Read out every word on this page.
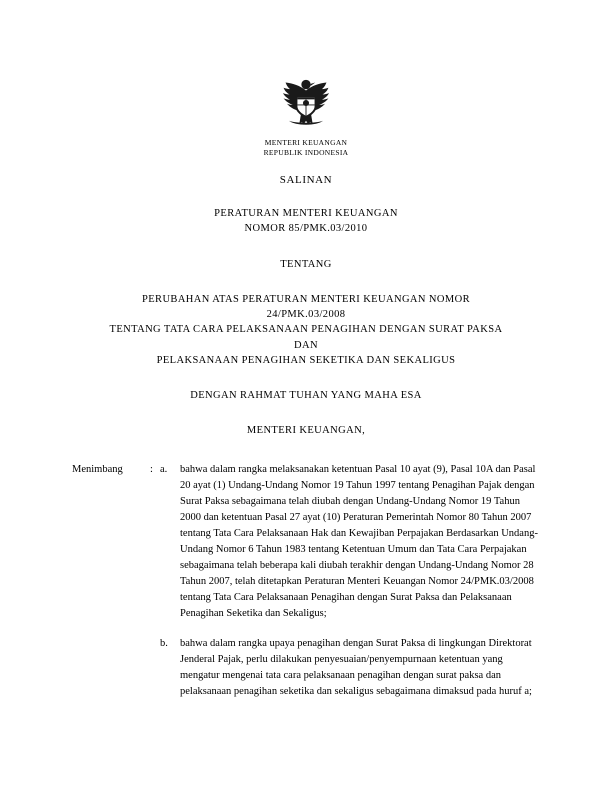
MENTERI KEUANGAN
REPUBLIK INDONESIA
SALINAN
PERATURAN MENTERI KEUANGAN
NOMOR 85/PMK.03/2010
TENTANG
PERUBAHAN ATAS PERATURAN MENTERI KEUANGAN NOMOR
24/PMK.03/2008
TENTANG TATA CARA PELAKSANAAN PENAGIHAN DENGAN SURAT PAKSA
DAN
PELAKSANAAN PENAGIHAN SEKETIKA DAN SEKALIGUS
DENGAN RAHMAT TUHAN YANG MAHA ESA
MENTERI KEUANGAN,
Menimbang	: a.	bahwa dalam rangka melaksanakan ketentuan Pasal 10 ayat (9), Pasal 10A dan Pasal 20 ayat (1) Undang-Undang Nomor 19 Tahun 1997 tentang Penagihan Pajak dengan Surat Paksa sebagaimana telah diubah dengan Undang-Undang Nomor 19 Tahun 2000 dan ketentuan Pasal 27 ayat (10) Peraturan Pemerintah Nomor 80 Tahun 2007 tentang Tata Cara Pelaksanaan Hak dan Kewajiban Perpajakan Berdasarkan Undang-Undang Nomor 6 Tahun 1983 tentang Ketentuan Umum dan Tata Cara Perpajakan sebagaimana telah beberapa kali diubah terakhir dengan Undang-Undang Nomor 28 Tahun 2007, telah ditetapkan Peraturan Menteri Keuangan Nomor 24/PMK.03/2008 tentang Tata Cara Pelaksanaan Penagihan dengan Surat Paksa dan Pelaksanaan Penagihan Seketika dan Sekaligus;
b.	bahwa dalam rangka upaya penagihan dengan Surat Paksa di lingkungan Direktorat Jenderal Pajak, perlu dilakukan penyesuaian/penyempurnaan ketentuan yang mengatur mengenai tata cara pelaksanaan penagihan dengan surat paksa dan pelaksanaan penagihan seketika dan sekaligus sebagaimana dimaksud pada huruf a;
